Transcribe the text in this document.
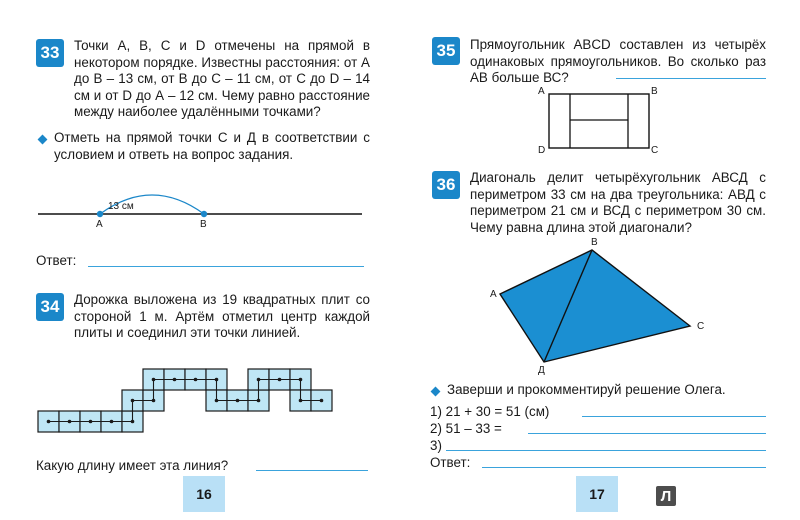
33	Точки А, В, С и D отмечены на прямой в некотором порядке. Известны расстояния: от А до В – 13 см, от В до С – 11 см, от С до D – 14 см и от D до А – 12 см. Чему равно расстояние между наиболее удалёнными точками?
Отметь на прямой точки С и Д в соответствии с условием и ответь на вопрос задания.
13 см
А	В
Ответ:
34	Дорожка выложена из 19 квадратных плит со стороной 1 м. Артём отметил центр каждой плиты и соединил эти точки линией.
Какую длину имеет эта линия?
16
35	Прямоугольник ABCD составлен из четырёх одинаковых прямоугольников. Во сколько раз АВ больше ВС?
А	В
С
D
36	Диагональ делит четырёхугольник АВСД с периметром 33 см на два треугольника: АВД с периметром 21 см и ВСД с периметром 30 см. Чему равна длина этой диагонали?
А
В
С
Д
Заверши и прокомментируй решение Олега.
1) 21 + 30 = 51 (см)
2) 51 – 33 =
3)
Ответ:
17	Л
